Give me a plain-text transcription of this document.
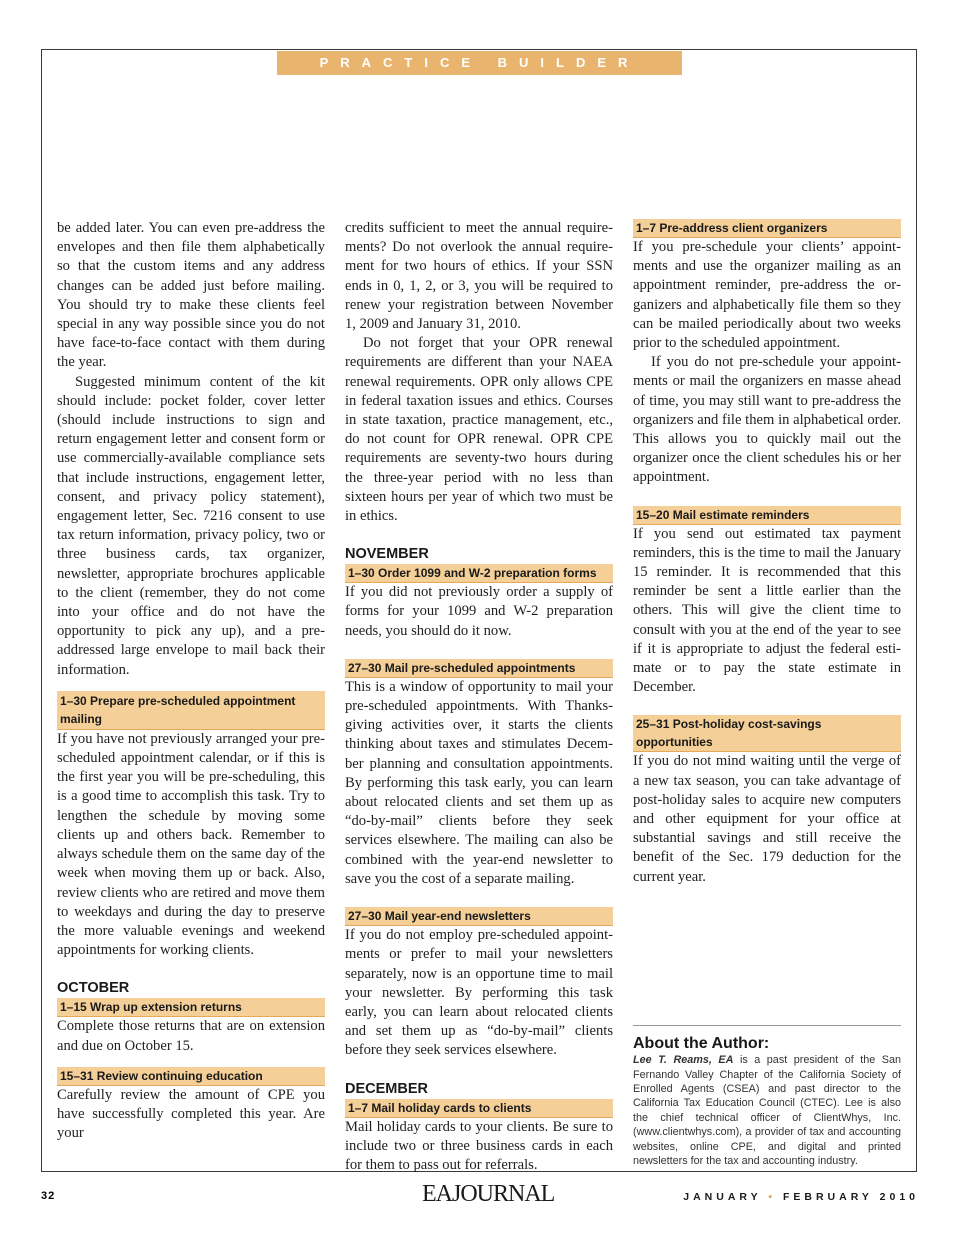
PRACTICE BUILDER

be added later. You can even pre-address the envelopes and then file them alphabetically so that the custom items and any address changes can be added just before mailing. You should try to make these clients feel special in any way possible since you do not have face-to-face contact with them during the year.

Suggested minimum content of the kit should include: pocket folder, cover letter (should include instructions to sign and return engagement letter and consent form or use commercially-available compliance sets that include instructions, engagement letter, consent, and privacy policy statement), engagement letter, Sec. 7216 consent to use tax return information, privacy policy, two or three business cards, tax organizer, newsletter, appropriate brochures applicable to the client (remember, they do not come into your office and do not have the opportunity to pick any up), and a pre-addressed large envelope to mail back their information.

1–30 Prepare pre-scheduled appointment mailing

If you have not previously arranged your prescheduled appointment calendar, or if this is the first year you will be pre-scheduling, this is a good time to accomplish this task. Try to lengthen the schedule by moving some clients up and others back. Remember to always schedule them on the same day of the week when moving them up or back. Also, review clients who are retired and move them to weekdays and during the day to preserve the more valuable evenings and weekend appointments for working clients.

OCTOBER

1–15 Wrap up extension returns

Complete those returns that are on extension and due on October 15.

15–31 Review continuing education

Carefully review the amount of CPE you have successfully completed this year. Are your

credits sufficient to meet the annual requirements? Do not overlook the annual requirement for two hours of ethics. If your SSN ends in 0, 1, 2, or 3, you will be required to renew your registration between November 1, 2009 and January 31, 2010.

Do not forget that your OPR renewal requirements are different than your NAEA renewal requirements. OPR only allows CPE in federal taxation issues and ethics. Courses in state taxation, practice management, etc., do not count for OPR renewal. OPR CPE requirements are seventy-two hours during the three-year period with no less than sixteen hours per year of which two must be in ethics.

NOVEMBER

1–30 Order 1099 and W-2 preparation forms

If you did not previously order a supply of forms for your 1099 and W-2 preparation needs, you should do it now.

27–30 Mail pre-scheduled appointments

This is a window of opportunity to mail your pre-scheduled appointments. With Thanksgiving activities over, it starts the clients thinking about taxes and stimulates December planning and consultation appointments. By performing this task early, you can learn about relocated clients and set them up as “do-by-mail” clients before they seek services elsewhere. The mailing can also be combined with the year-end newsletter to save you the cost of a separate mailing.

27–30 Mail year-end newsletters

If you do not employ pre-scheduled appointments or prefer to mail your newsletters separately, now is an opportune time to mail your newsletter. By performing this task early, you can learn about relocated clients and set them up as “do-by-mail” clients before they seek services elsewhere.

DECEMBER

1–7 Mail holiday cards to clients

Mail holiday cards to your clients. Be sure to include two or three business cards in each for them to pass out for referrals.

1–7 Pre-address client organizers

If you pre-schedule your clients’ appointments and use the organizer mailing as an appointment reminder, pre-address the organizers and alphabetically file them so they can be mailed periodically about two weeks prior to the scheduled appointment.

If you do not pre-schedule your appointments or mail the organizers en masse ahead of time, you may still want to pre-address the organizers and file them in alphabetical order. This allows you to quickly mail out the organizer once the client schedules his or her appointment.

15–20 Mail estimate reminders

If you send out estimated tax payment reminders, this is the time to mail the January 15 reminder. It is recommended that this reminder be sent a little earlier than the others. This will give the client time to consult with you at the end of the year to see if it is appropriate to adjust the federal estimate or to pay the state estimate in December.

25–31 Post-holiday cost-savings opportunities

If you do not mind waiting until the verge of a new tax season, you can take advantage of post-holiday sales to acquire new computers and other equipment for your office at substantial savings and still receive the benefit of the Sec. 179 deduction for the current year.

About the Author:

Lee T. Reams, EA is a past president of the San Fernando Valley Chapter of the California Society of Enrolled Agents (CSEA) and past director to the California Tax Education Council (CTEC). Lee is also the chief technical officer of ClientWhys, Inc. (www.clientwhys.com), a provider of tax and accounting websites, online CPE, and digital and printed newsletters for the tax and accounting industry.

32	EAJOURNAL	JANUARY • FEBRUARY 2010
